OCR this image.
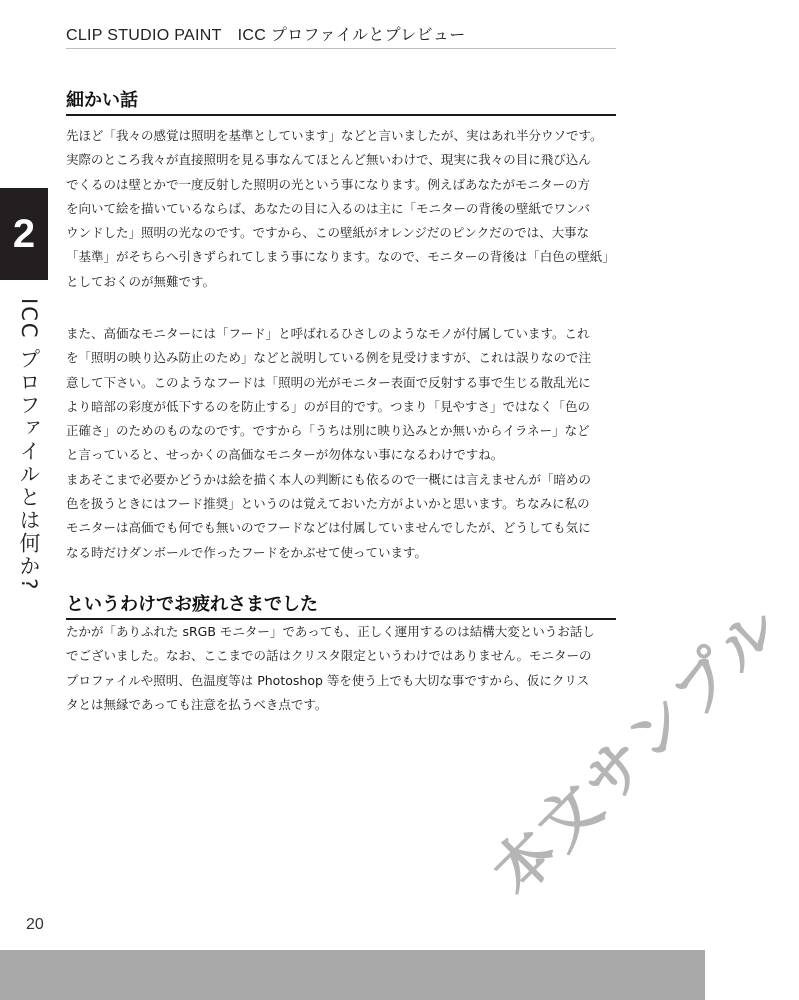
CLIP STUDIO PAINT　ICC プロファイルとプレビュー
2
ICC プロファイルとは何か?
細かい話
先ほど「我々の感覚は照明を基準としています」などと言いましたが、実はあれ半分ウソです。
実際のところ我々が直接照明を見る事なんてほとんど無いわけで、現実に我々の目に飛び込ん
でくるのは壁とかで一度反射した照明の光という事になります。例えばあなたがモニターの方
を向いて絵を描いているならば、あなたの目に入るのは主に「モニターの背後の壁紙でワンバ
ウンドした」照明の光なのです。ですから、この壁紙がオレンジだのピンクだのでは、大事な
「基準」がそちらへ引きずられてしまう事になります。なので、モニターの背後は「白色の壁紙」
としておくのが無難です。
また、高価なモニターには「フード」と呼ばれるひさしのようなモノが付属しています。これ
を「照明の映り込み防止のため」などと説明している例を見受けますが、これは誤りなので注
意して下さい。このようなフードは「照明の光がモニター表面で反射する事で生じる散乱光に
より暗部の彩度が低下するのを防止する」のが目的です。つまり「見やすさ」ではなく「色の
正確さ」のためのものなのです。ですから「うちは別に映り込みとか無いからイラネー」など
と言っていると、せっかくの高価なモニターが勿体ない事になるわけですね。
まあそこまで必要かどうかは絵を描く本人の判断にも依るので一概には言えませんが「暗めの
色を扱うときにはフード推奨」というのは覚えておいた方がよいかと思います。ちなみに私の
モニターは高価でも何でも無いのでフードなどは付属していませんでしたが、どうしても気に
なる時だけダンボールで作ったフードをかぶせて使っています。
というわけでお疲れさまでした
たかが「ありふれた sRGB モニター」であっても、正しく運用するのは結構大変というお話し
でございました。なお、ここまでの話はクリスタ限定というわけではありません。モニターの
プロファイルや照明、色温度等は Photoshop 等を使う上でも大切な事ですから、仮にクリス
タとは無縁であっても注意を払うべき点です。
20
本文サンプル
